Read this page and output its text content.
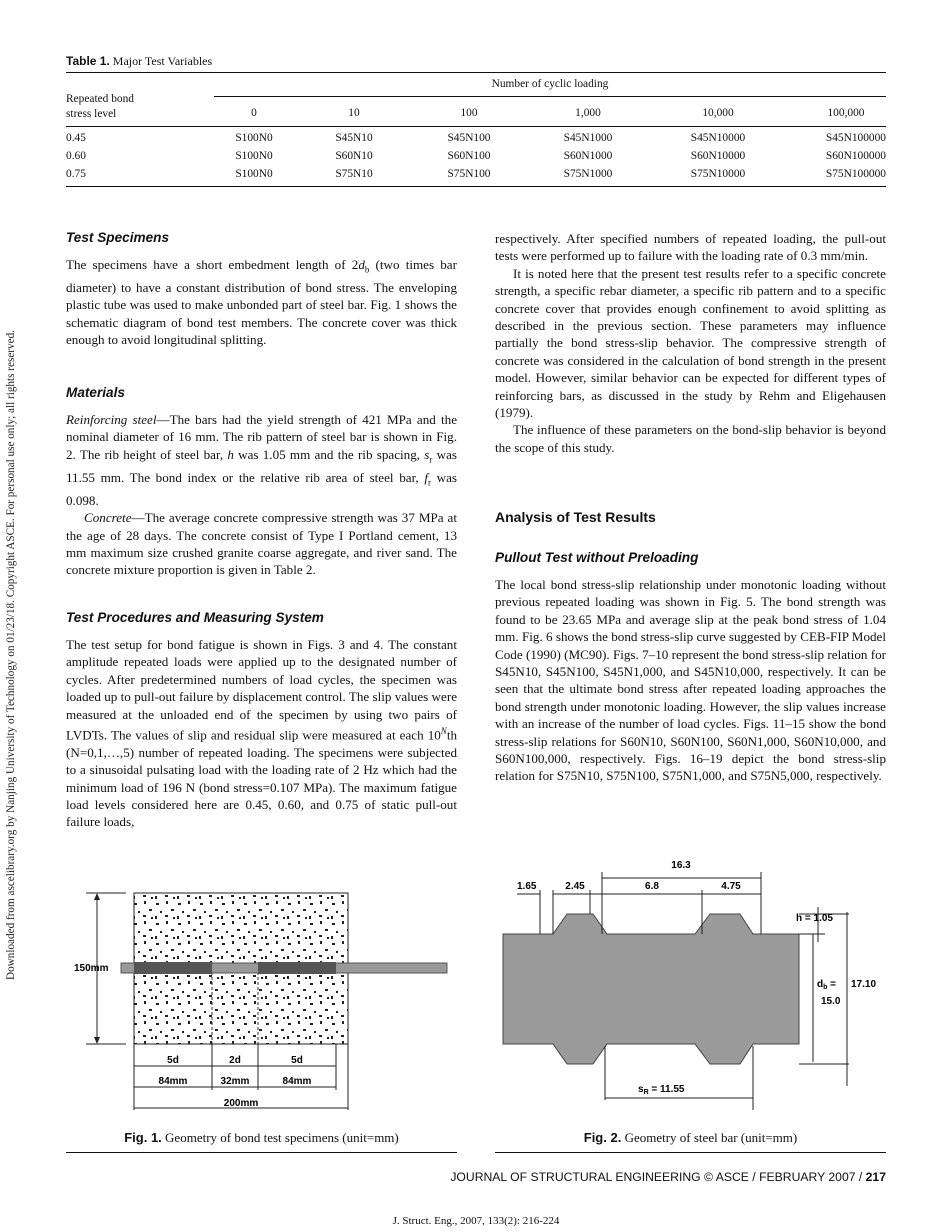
Downloaded from ascelibrary.org by Nanjing University of Technology on 01/23/18. Copyright ASCE. For personal use only; all rights reserved.
Table 1. Major Test Variables
Number of cyclic loading
Repeated bond
stress level	0	10	100	1,000	10,000	100,000
0.45	S100N0	S45N10	S45N100	S45N1000	S45N10000	S45N100000
0.60	S100N0	S60N10	S60N100	S60N1000	S60N10000	S60N100000
0.75	S100N0	S75N10	S75N100	S75N1000	S75N10000	S75N100000
Test Specimens

The specimens have a short embedment length of $2d_b$ (two times bar diameter) to have a constant distribution of bond stress. The enveloping plastic tube was used to make unbonded part of steel bar. Fig. 1 shows the schematic diagram of bond test members. The concrete cover was thick enough to avoid longitudinal splitting.

Materials

Reinforcing steel—The bars had the yield strength of 421 MPa and the nominal diameter of 16 mm. The rib pattern of steel bar is shown in Fig. 2. The rib height of steel bar, h was 1.05 mm and the rib spacing, $s_r$ was 11.55 mm. The bond index or the relative rib area of steel bar, $f_r$ was 0.098.

Concrete—The average concrete compressive strength was 37 MPa at the age of 28 days. The concrete consist of Type I Portland cement, 13 mm maximum size crushed granite coarse aggregate, and river sand. The concrete mixture proportion is given in Table 2.

Test Procedures and Measuring System

The test setup for bond fatigue is shown in Figs. 3 and 4. The constant amplitude repeated loads were applied up to the designated number of cycles. After predetermined numbers of load cycles, the specimen was loaded up to pull-out failure by displacement control. The slip values were measured at the unloaded end of the specimen by using two pairs of LVDTs. The values of slip and residual slip were measured at each $10^Nth$ (N=0,1,…,5) number of repeated loading. The specimens were subjected to a sinusoidal pulsating load with the loading rate of 2 Hz which had the minimum load of 196 N (bond stress=0.107 MPa). The maximum fatigue load levels considered here are 0.45, 0.60, and 0.75 of static pull-out failure loads,

respectively. After specified numbers of repeated loading, the pull-out tests were performed up to failure with the loading rate of 0.3 mm/min.

It is noted here that the present test results refer to a specific concrete strength, a specific rebar diameter, a specific rib pattern and to a specific concrete cover that provides enough confinement to avoid splitting as described in the previous section. These parameters may influence partially the bond stress-slip behavior. The compressive strength of concrete was considered in the calculation of bond strength in the present model. However, similar behavior can be expected for different types of reinforcing bars, as discussed in the study by Rehm and Eligehausen (1979).

The influence of these parameters on the bond-slip behavior is beyond the scope of this study.

Analysis of Test Results
Pullout Test without Preloading

The local bond stress-slip relationship under monotonic loading without previous repeated loading was shown in Fig. 5. The bond strength was found to be 23.65 MPa and average slip at the peak bond stress of 1.04 mm. Fig. 6 shows the bond stress-slip curve suggested by CEB-FIP Model Code (1990) (MC90). Figs. 7–10 represent the bond stress-slip relation for S45N10, S45N100, S45N1,000, and S45N10,000, respectively. It can be seen that the ultimate bond stress after repeated loading approaches the bond strength under monotonic loading. However, the slip values increase with an increase of the number of load cycles. Figs. 11–15 show the bond stress-slip relations for S60N10, S60N100, S60N1,000, S60N10,000, and S60N100,000, respectively. Figs. 16–19 depict the bond stress-slip relation for S75N10, S75N100, S75N1,000, and S75N5,000, respectively.

150mm
5d	2d	5d
84mm	32mm	84mm
200mm
Fig. 1. Geometry of bond test specimens (unit=mm)
16.3
1.65	2.45	6.8	4.75
h = 1.05
$d_b$ =
15.0
17.10
$s_R = 11.55$
Fig. 2. Geometry of steel bar (unit=mm)
JOURNAL OF STRUCTURAL ENGINEERING © ASCE / FEBRUARY 2007 / 217
J. Struct. Eng., 2007, 133(2): 216-224
